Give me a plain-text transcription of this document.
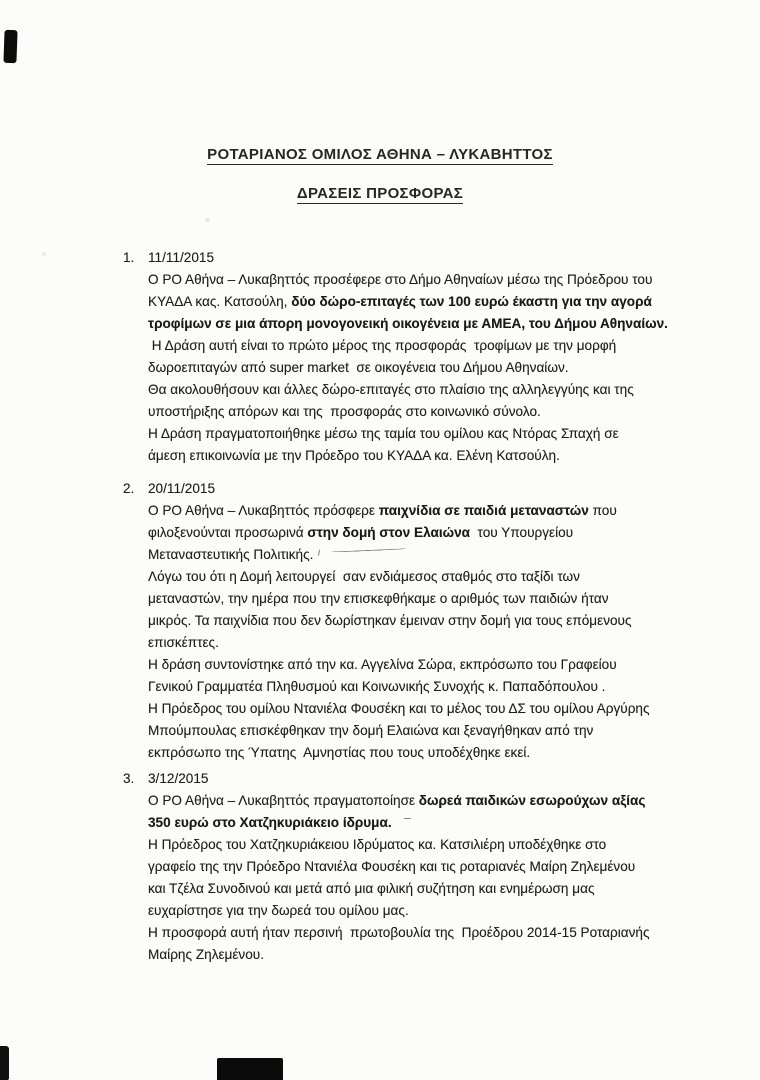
ΡΟΤΑΡΙΑΝΟΣ ΟΜΙΛΟΣ ΑΘΗΝΑ – ΛΥΚΑΒΗΤΤΟΣ
ΔΡΑΣΕΙΣ ΠΡΟΣΦΟΡΑΣ
1. 11/11/2015
Ο ΡΟ Αθήνα – Λυκαβηττός προσέφερε στο Δήμο Αθηναίων μέσω της Πρόεδρου του
ΚΥΑΔΑ κας. Κατσούλη, δύο δώρο-επιταγές των 100 ευρώ έκαστη για την αγορά
τροφίμων σε μια άπορη μονογονεική οικογένεια με ΑΜΕΑ, του Δήμου Αθηναίων.
Η Δράση αυτή είναι το πρώτο μέρος της προσφοράς  τροφίμων με την μορφή
δωροεπιταγών από super market  σε οικογένεια του Δήμου Αθηναίων.
Θα ακολουθήσουν και άλλες δώρο-επιταγές στο πλαίσιο της αλληλεγγύης και της
υποστήριξης απόρων και της  προσφοράς στο κοινωνικό σύνολο.
Η Δράση πραγματοποιήθηκε μέσω της ταμία του ομίλου κας Ντόρας Σπαχή σε
άμεση επικοινωνία με την Πρόεδρο του ΚΥΑΔΑ κα. Ελένη Κατσούλη.
2. 20/11/2015
Ο ΡΟ Αθήνα – Λυκαβηττός πρόσφερε παιχνίδια σε παιδιά μεταναστών που
φιλοξενούνται προσωρινά στην δομή στον Ελαιώνα  του Υπουργείου
Μεταναστευτικής Πολιτικής.
Λόγω του ότι η Δομή λειτουργεί  σαν ενδιάμεσος σταθμός στο ταξίδι των
μεταναστών, την ημέρα που την επισκεφθήκαμε ο αριθμός των παιδιών ήταν
μικρός. Τα παιχνίδια που δεν δωρίστηκαν έμειναν στην δομή για τους επόμενους
επισκέπτες.
Η δράση συντονίστηκε από την κα. Αγγελίνα Σώρα, εκπρόσωπο του Γραφείου
Γενικού Γραμματέα Πληθυσμού και Κοινωνικής Συνοχής κ. Παπαδόπουλου .
Η Πρόεδρος του ομίλου Ντανιέλα Φουσέκη και το μέλος του ΔΣ του ομίλου Αργύρης
Μπούμπουλας επισκέφθηκαν την δομή Ελαιώνα και ξεναγήθηκαν από την
εκπρόσωπο της Ύπατης  Αμνηστίας που τους υποδέχθηκε εκεί.
3. 3/12/2015
Ο ΡΟ Αθήνα – Λυκαβηττός πραγματοποίησε δωρεά παιδικών εσωρούχων αξίας
350 ευρώ στο Χατζηκυριάκειο ίδρυμα.
Η Πρόεδρος του Χατζηκυριάκειου Ιδρύματος κα. Κατσιλιέρη υποδέχθηκε στο
γραφείο της την Πρόεδρο Ντανιέλα Φουσέκη και τις ροταριανές Μαίρη Ζηλεμένου
και Τζέλα Συνοδινού και μετά από μια φιλική συζήτηση και ενημέρωση μας
ευχαρίστησε για την δωρεά του ομίλου μας.
Η προσφορά αυτή ήταν περσινή  πρωτοβουλία της  Προέδρου 2014-15 Ροταριανής
Μαίρης Ζηλεμένου.
